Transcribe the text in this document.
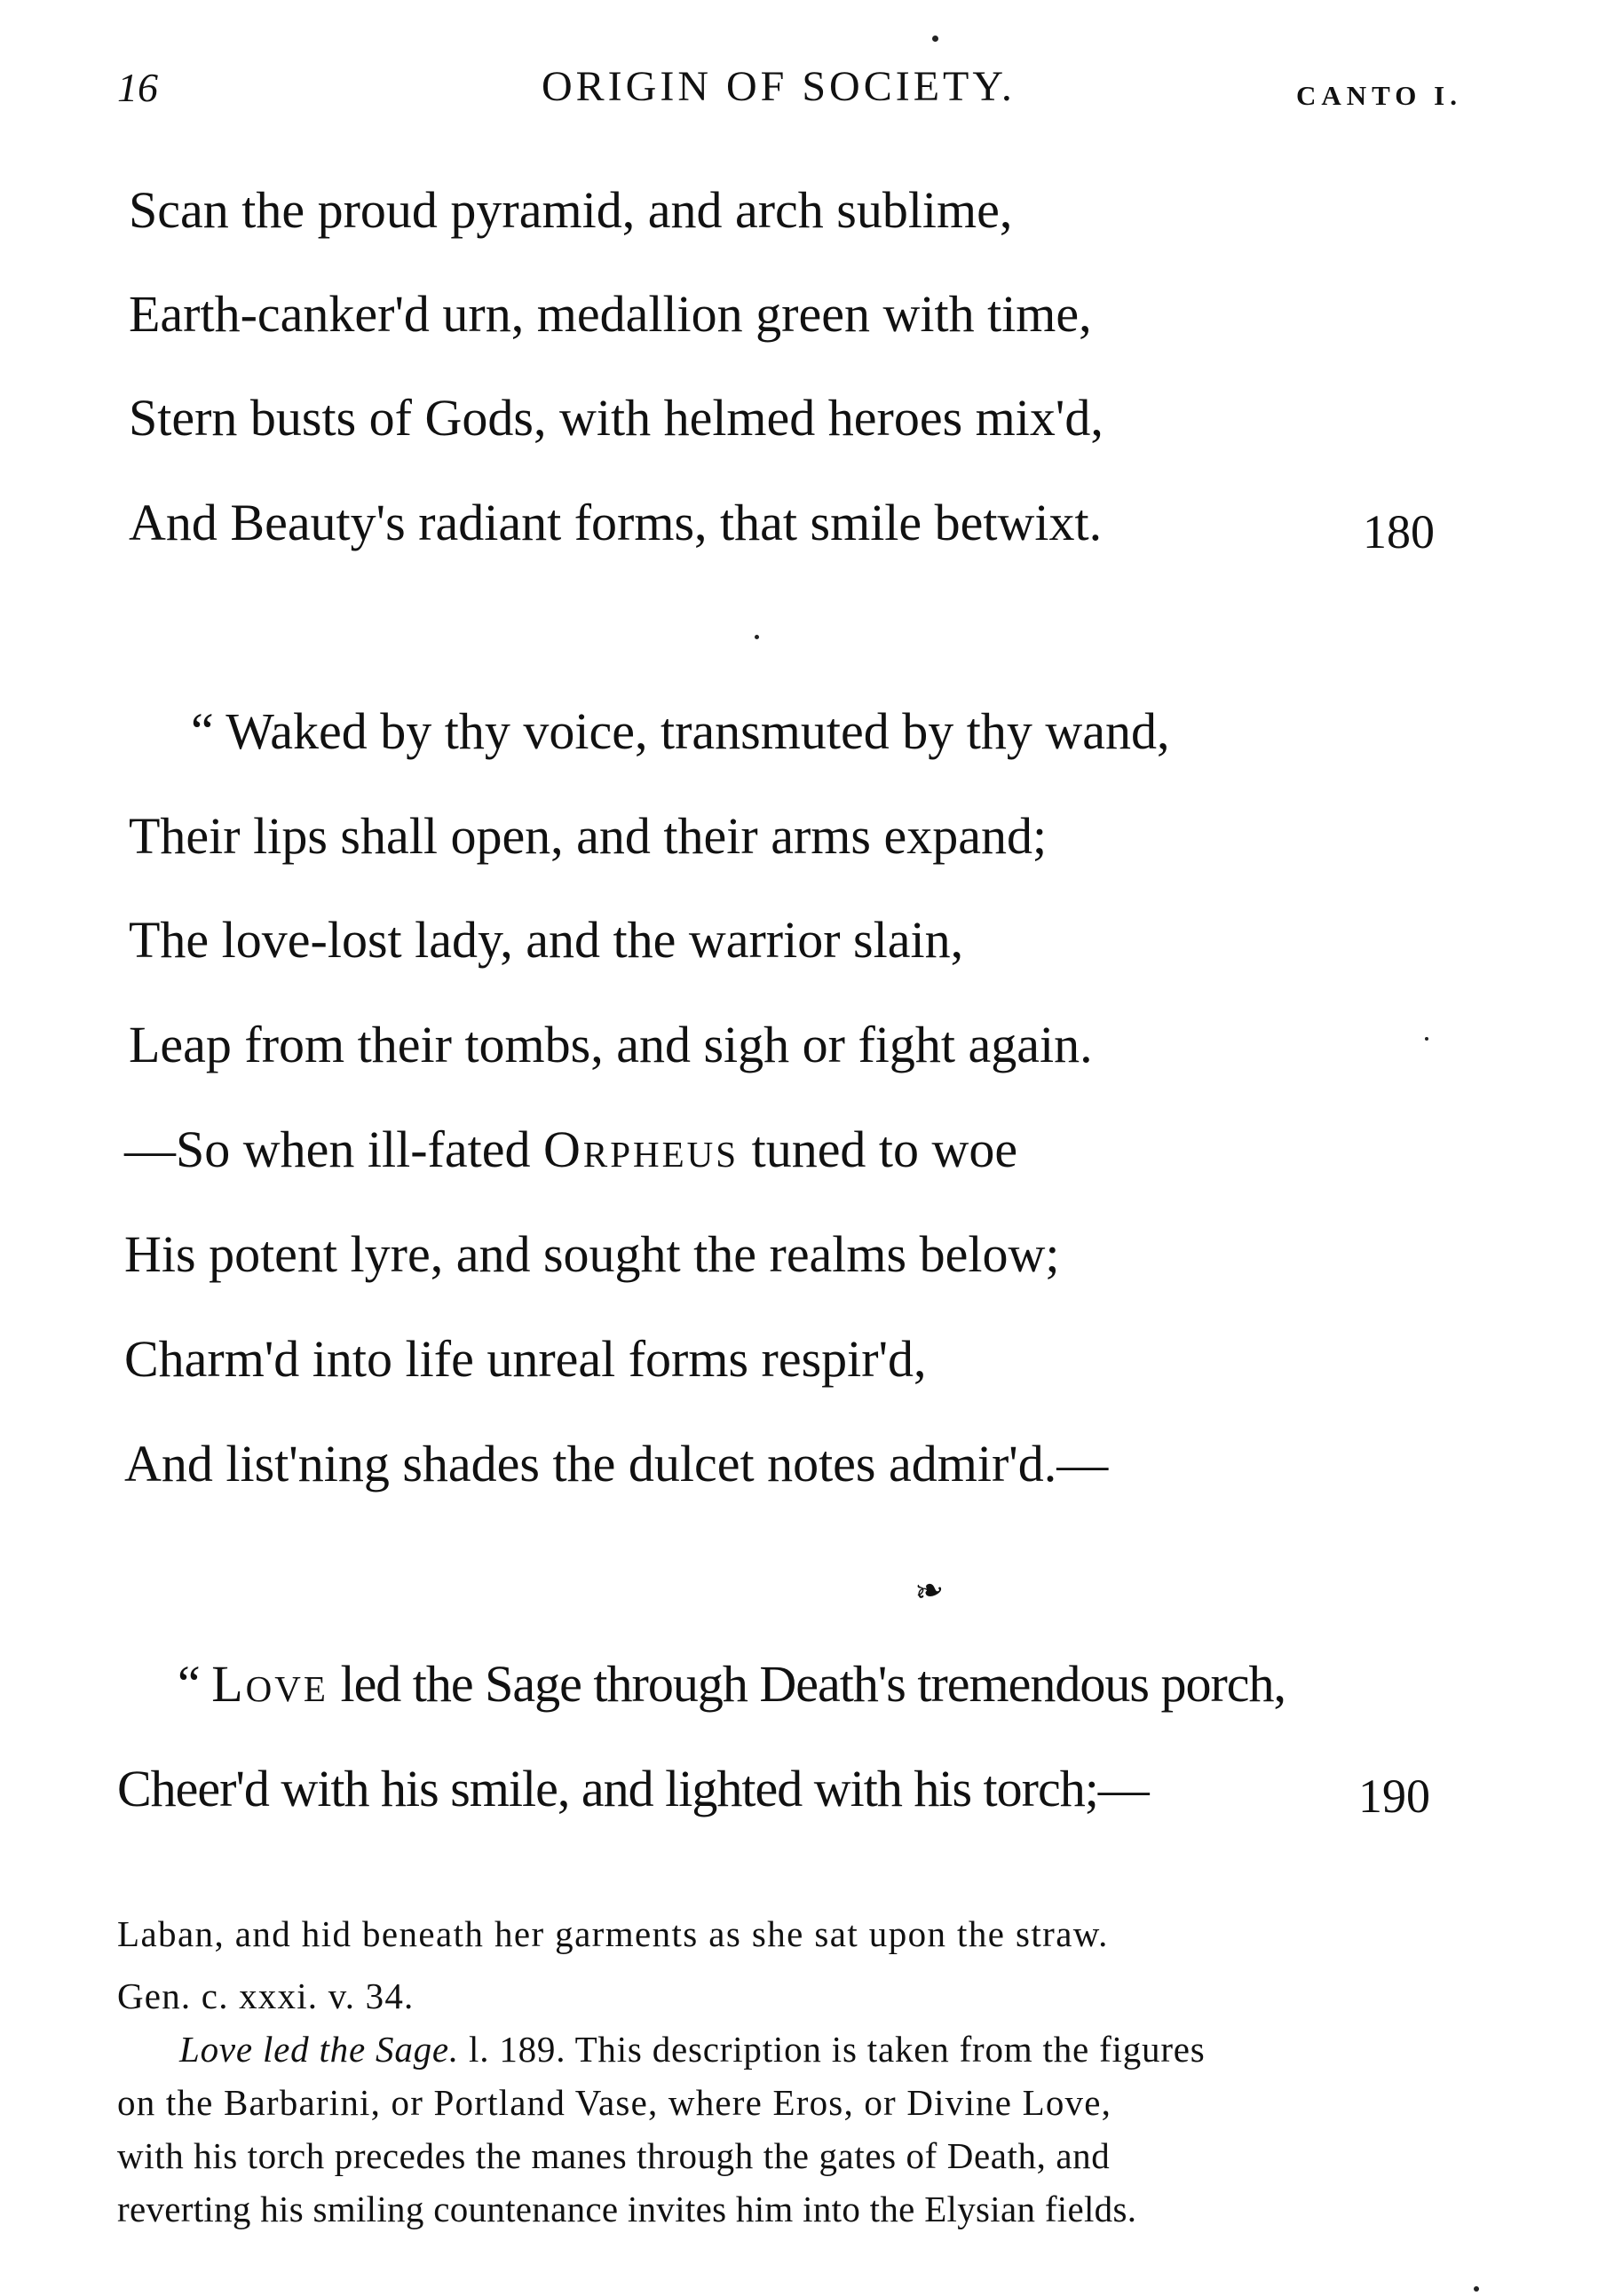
16	ORIGIN OF SOCIETY.	CANTO I.
Scan the proud pyramid, and arch sublime,
Earth-canker'd urn, medallion green with time,
Stern busts of Gods, with helmed heroes mix'd,
And Beauty's radiant forms, that smile betwixt.	180
“ Waked by thy voice, transmuted by thy wand,
Their lips shall open, and their arms expand;
The love-lost lady, and the warrior slain,
Leap from their tombs, and sigh or fight again.
—So when ill-fated Orpheus tuned to woe
His potent lyre, and sought the realms below;
Charm'd into life unreal forms respir'd,
And list'ning shades the dulcet notes admir'd.—
❧
“ Love led the Sage through Death's tremendous porch,
Cheer'd with his smile, and lighted with his torch;—	190
Laban, and hid beneath her garments as she sat upon the straw.
Gen. c. xxxi. v. 34.
Love led the Sage. l. 189. This description is taken from the figures
on the Barbarini, or Portland Vase, where Eros, or Divine Love,
with his torch precedes the manes through the gates of Death, and
reverting his smiling countenance invites him into the Elysian fields.
